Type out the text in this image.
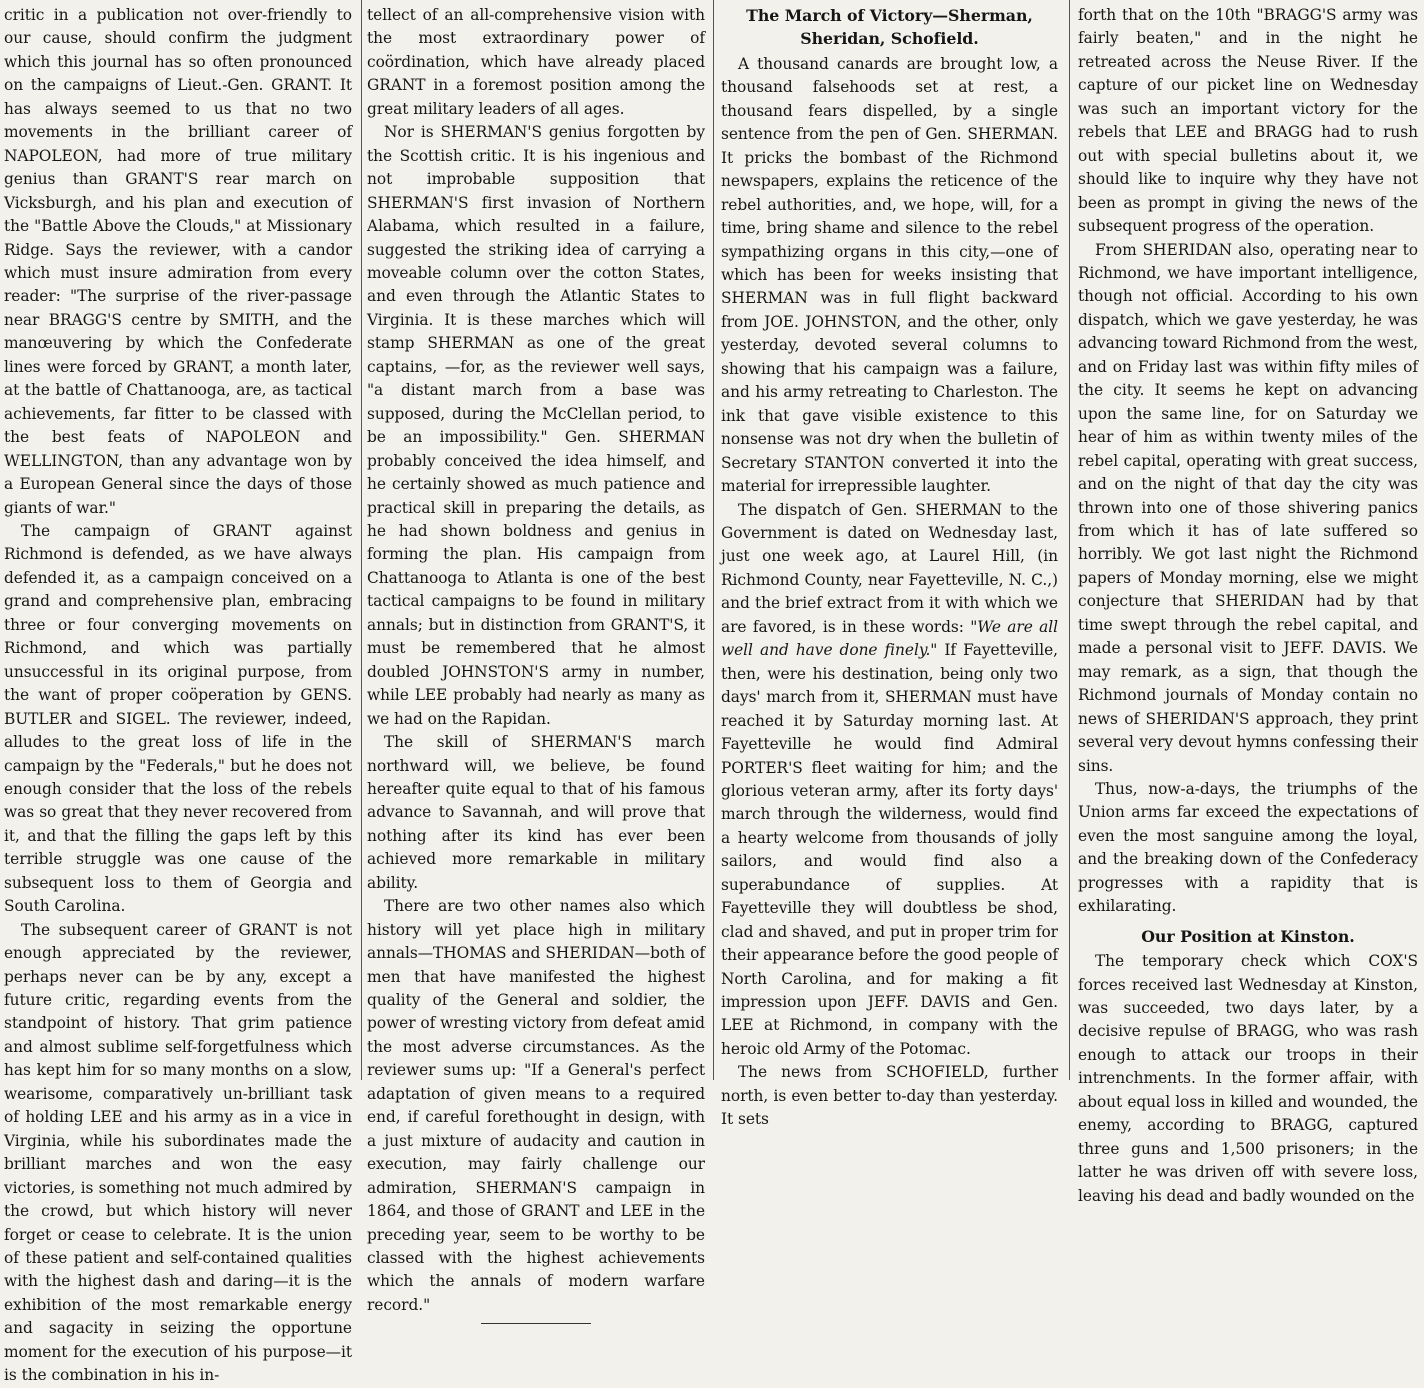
critic in a publication not over-friendly to our cause, should confirm the judgment which this journal has so often pronounced on the campaigns of Lieut.-Gen. GRANT. It has always seemed to us that no two movements in the brilliant career of NAPOLEON, had more of true military genius than GRANT'S rear march on Vicksburgh, and his plan and execution of the "Battle Above the Clouds," at Missionary Ridge. Says the reviewer, with a candor which must insure admiration from every reader: "The surprise of the river-passage near BRAGG'S centre by SMITH, and the manœuvering by which the Confederate lines were forced by GRANT, a month later, at the battle of Chattanooga, are, as tactical achievements, far fitter to be classed with the best feats of NAPOLEON and WELLINGTON, than any advantage won by a European General since the days of those giants of war."

The campaign of GRANT against Richmond is defended, as we have always defended it, as a campaign conceived on a grand and comprehensive plan, embracing three or four converging movements on Richmond, and which was partially unsuccessful in its original purpose, from the want of proper coöperation by GENS. BUTLER and SIGEL. The reviewer, indeed, alludes to the great loss of life in the campaign by the "Federals," but he does not enough consider that the loss of the rebels was so great that they never recovered from it, and that the filling the gaps left by this terrible struggle was one cause of the subsequent loss to them of Georgia and South Carolina.

The subsequent career of GRANT is not enough appreciated by the reviewer, perhaps never can be by any, except a future critic, regarding events from the standpoint of history. That grim patience and almost sublime self-forgetfulness which has kept him for so many months on a slow, wearisome, comparatively un-brilliant task of holding LEE and his army as in a vice in Virginia, while his subordinates made the brilliant marches and won the easy victories, is something not much admired by the crowd, but which history will never forget or cease to celebrate. It is the union of these patient and self-contained qualities with the highest dash and daring—it is the exhibition of the most remarkable energy and sagacity in seizing the opportune moment for the execution of his purpose—it is the combination in his in-

tellect of an all-comprehensive vision with the most extraordinary power of coördination, which have already placed GRANT in a foremost position among the great military leaders of all ages.

Nor is SHERMAN'S genius forgotten by the Scottish critic. It is his ingenious and not improbable supposition that SHERMAN'S first invasion of Northern Alabama, which resulted in a failure, suggested the striking idea of carrying a moveable column over the cotton States, and even through the Atlantic States to Virginia. It is these marches which will stamp SHERMAN as one of the great captains, —for, as the reviewer well says, "a distant march from a base was supposed, during the McClellan period, to be an impossibility." Gen. SHERMAN probably conceived the idea himself, and he certainly showed as much patience and practical skill in preparing the details, as he had shown boldness and genius in forming the plan. His campaign from Chattanooga to Atlanta is one of the best tactical campaigns to be found in military annals; but in distinction from GRANT'S, it must be remembered that he almost doubled JOHNSTON'S army in number, while LEE probably had nearly as many as we had on the Rapidan.

The skill of SHERMAN'S march northward will, we believe, be found hereafter quite equal to that of his famous advance to Savannah, and will prove that nothing after its kind has ever been achieved more remarkable in military ability.

There are two other names also which history will yet place high in military annals—THOMAS and SHERIDAN—both of men that have manifested the highest quality of the General and soldier, the power of wresting victory from defeat amid the most adverse circumstances. As the reviewer sums up: "If a General's perfect adaptation of given means to a required end, if careful forethought in design, with a just mixture of audacity and caution in execution, may fairly challenge our admiration, SHERMAN'S campaign in 1864, and those of GRANT and LEE in the preceding year, seem to be worthy to be classed with the highest achievements which the annals of modern warfare record."

The March of Victory—Sherman, Sheridan, Schofield.

A thousand canards are brought low, a thousand falsehoods set at rest, a thousand fears dispelled, by a single sentence from the pen of Gen. SHERMAN. It pricks the bombast of the Richmond newspapers, explains the reticence of the rebel authorities, and, we hope, will, for a time, bring shame and silence to the rebel sympathizing organs in this city,—one of which has been for weeks insisting that SHERMAN was in full flight backward from JOE. JOHNSTON, and the other, only yesterday, devoted several columns to showing that his campaign was a failure, and his army retreating to Charleston. The ink that gave visible existence to this nonsense was not dry when the bulletin of Secretary STANTON converted it into the material for irrepressible laughter.

The dispatch of Gen. SHERMAN to the Government is dated on Wednesday last, just one week ago, at Laurel Hill, (in Richmond County, near Fayetteville, N. C.,) and the brief extract from it with which we are favored, is in these words: "We are all well and have done finely." If Fayetteville, then, were his destination, being only two days' march from it, SHERMAN must have reached it by Saturday morning last. At Fayetteville he would find Admiral PORTER'S fleet waiting for him; and the glorious veteran army, after its forty days' march through the wilderness, would find a hearty welcome from thousands of jolly sailors, and would find also a superabundance of supplies. At Fayetteville they will doubtless be shod, clad and shaved, and put in proper trim for their appearance before the good people of North Carolina, and for making a fit impression upon JEFF. DAVIS and Gen. LEE at Richmond, in company with the heroic old Army of the Potomac.

The news from SCHOFIELD, further north, is even better to-day than yesterday. It sets

forth that on the 10th "BRAGG'S army was fairly beaten," and in the night he retreated across the Neuse River. If the capture of our picket line on Wednesday was such an important victory for the rebels that LEE and BRAGG had to rush out with special bulletins about it, we should like to inquire why they have not been as prompt in giving the news of the subsequent progress of the operation.

From SHERIDAN also, operating near to Richmond, we have important intelligence, though not official. According to his own dispatch, which we gave yesterday, he was advancing toward Richmond from the west, and on Friday last was within fifty miles of the city. It seems he kept on advancing upon the same line, for on Saturday we hear of him as within twenty miles of the rebel capital, operating with great success, and on the night of that day the city was thrown into one of those shivering panics from which it has of late suffered so horribly. We got last night the Richmond papers of Monday morning, else we might conjecture that SHERIDAN had by that time swept through the rebel capital, and made a personal visit to JEFF. DAVIS. We may remark, as a sign, that though the Richmond journals of Monday contain no news of SHERIDAN'S approach, they print several very devout hymns confessing their sins.

Thus, now-a-days, the triumphs of the Union arms far exceed the expectations of even the most sanguine among the loyal, and the breaking down of the Confederacy progresses with a rapidity that is exhilarating.

Our Position at Kinston.

The temporary check which COX'S forces received last Wednesday at Kinston, was succeeded, two days later, by a decisive repulse of BRAGG, who was rash enough to attack our troops in their intrenchments. In the former affair, with about equal loss in killed and wounded, the enemy, according to BRAGG, captured three guns and 1,500 prisoners; in the latter he was driven off with severe loss, leaving his dead and badly wounded on the
